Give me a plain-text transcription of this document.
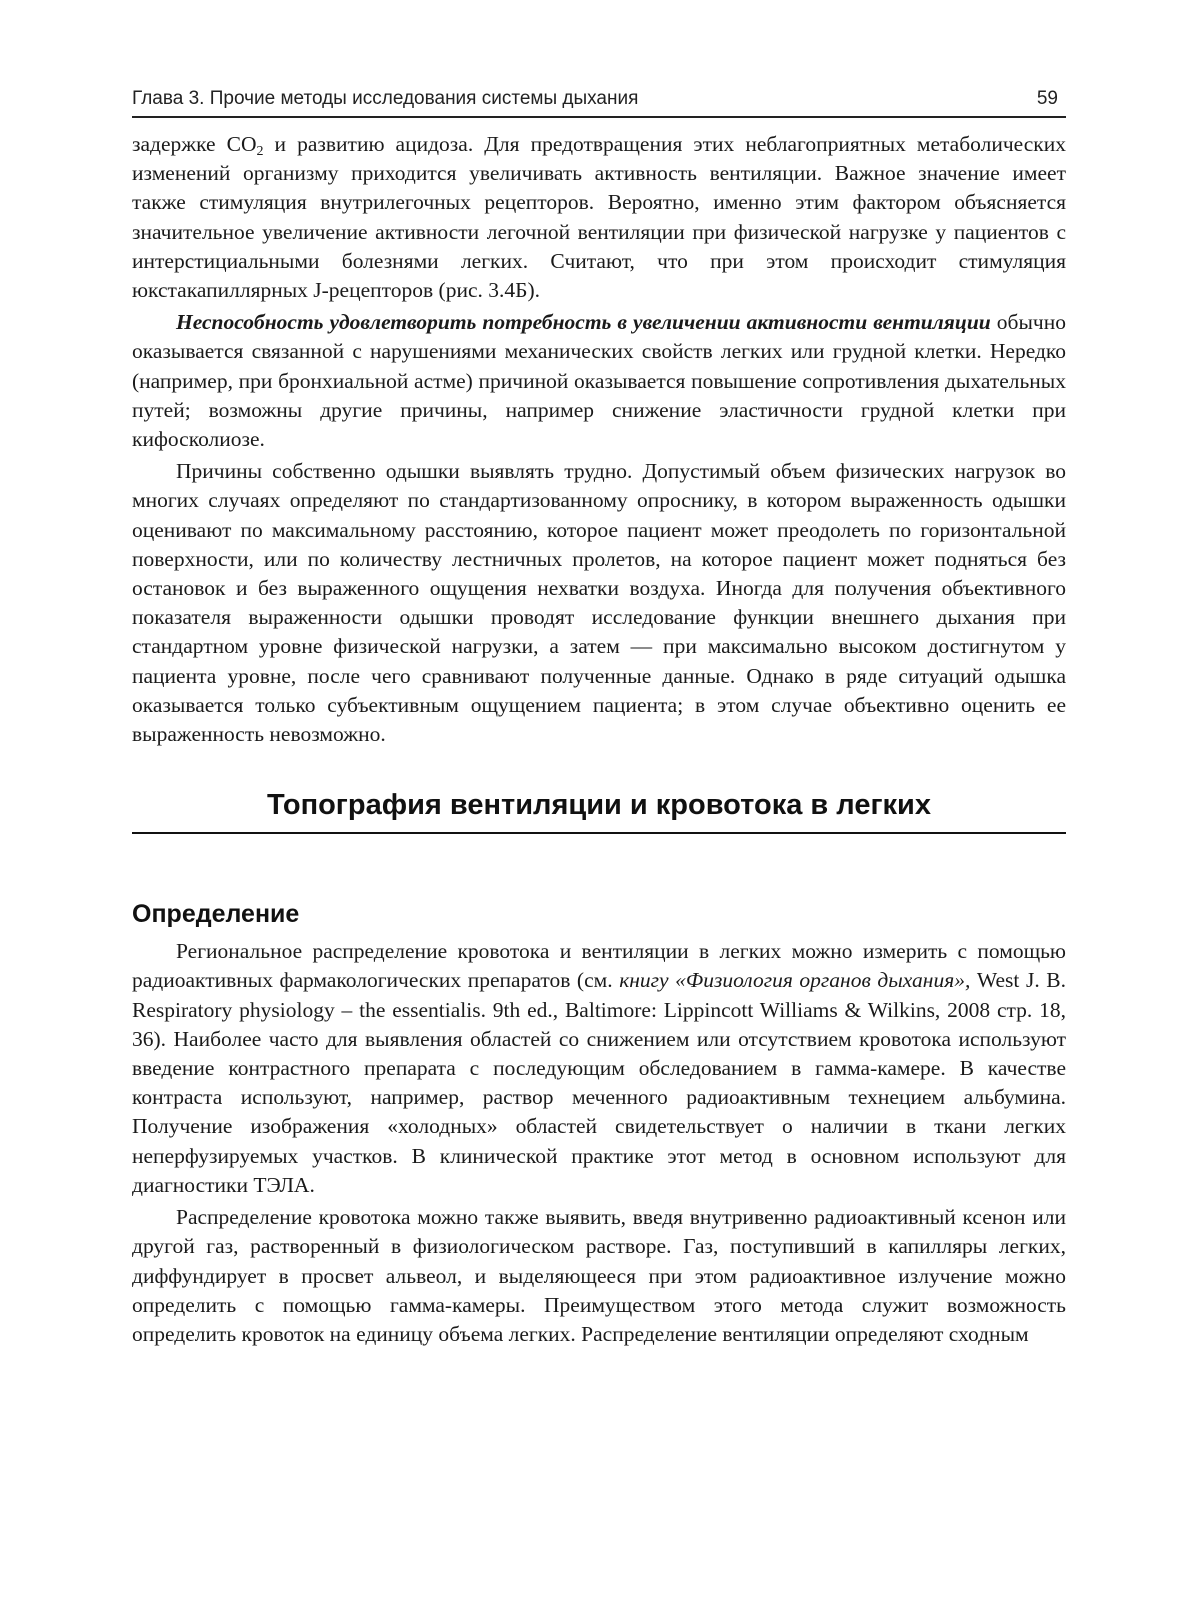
Глава 3. Прочие методы исследования системы дыхания	59

задержке $CO_2$ и развитию ацидоза. Для предотвращения этих неблагоприятных метаболических изменений организму приходится увеличивать активность вентиляции. Важное значение имеет также стимуляция внутрилегочных рецепторов. Вероятно, именно этим фактором объясняется значительное увеличение активности легочной вентиляции при физической нагрузке у пациентов с интерстициальными болезнями легких. Считают, что при этом происходит стимуляция юкстакапиллярных J-рецепторов (рис. 3.4Б).

Неспособность удовлетворить потребность в увеличении активности вентиляции обычно оказывается связанной с нарушениями механических свойств легких или грудной клетки. Нередко (например, при бронхиальной астме) причиной оказывается повышение сопротивления дыхательных путей; возможны другие причины, например снижение эластичности грудной клетки при кифосколиозе.

Причины собственно одышки выявлять трудно. Допустимый объем физических нагрузок во многих случаях определяют по стандартизованному опроснику, в котором выраженность одышки оценивают по максимальному расстоянию, которое пациент может преодолеть по горизонтальной поверхности, или по количеству лестничных пролетов, на которое пациент может подняться без остановок и без выраженного ощущения нехватки воздуха. Иногда для получения объективного показателя выраженности одышки проводят исследование функции внешнего дыхания при стандартном уровне физической нагрузки, а затем — при максимально высоком достигнутом у пациента уровне, после чего сравнивают полученные данные. Однако в ряде ситуаций одышка оказывается только субъективным ощущением пациента; в этом случае объективно оценить ее выраженность невозможно.

Топография вентиляции и кровотока в легких
Определение

Региональное распределение кровотока и вентиляции в легких можно измерить с помощью радиоактивных фармакологических препаратов (см. книгу «Физиология органов дыхания», West J. B. Respiratory physiology – the essentialis. 9th ed., Baltimore: Lippincott Williams & Wilkins, 2008 стр. 18, 36). Наиболее часто для выявления областей со снижением или отсутствием кровотока используют введение контрастного препарата с последующим обследованием в гамма-камере. В качестве контраста используют, например, раствор меченного радиоактивным технецием альбумина. Получение изображения «холодных» областей свидетельствует о наличии в ткани легких неперфузируемых участков. В клинической практике этот метод в основном используют для диагностики ТЭЛА.

Распределение кровотока можно также выявить, введя внутривенно радиоактивный ксенон или другой газ, растворенный в физиологическом растворе. Газ, поступивший в капилляры легких, диффундирует в просвет альвеол, и выделяющееся при этом радиоактивное излучение можно определить с помощью гамма-камеры. Преимуществом этого метода служит возможность определить кровоток на единицу объема легких. Распределение вентиляции определяют сходным
